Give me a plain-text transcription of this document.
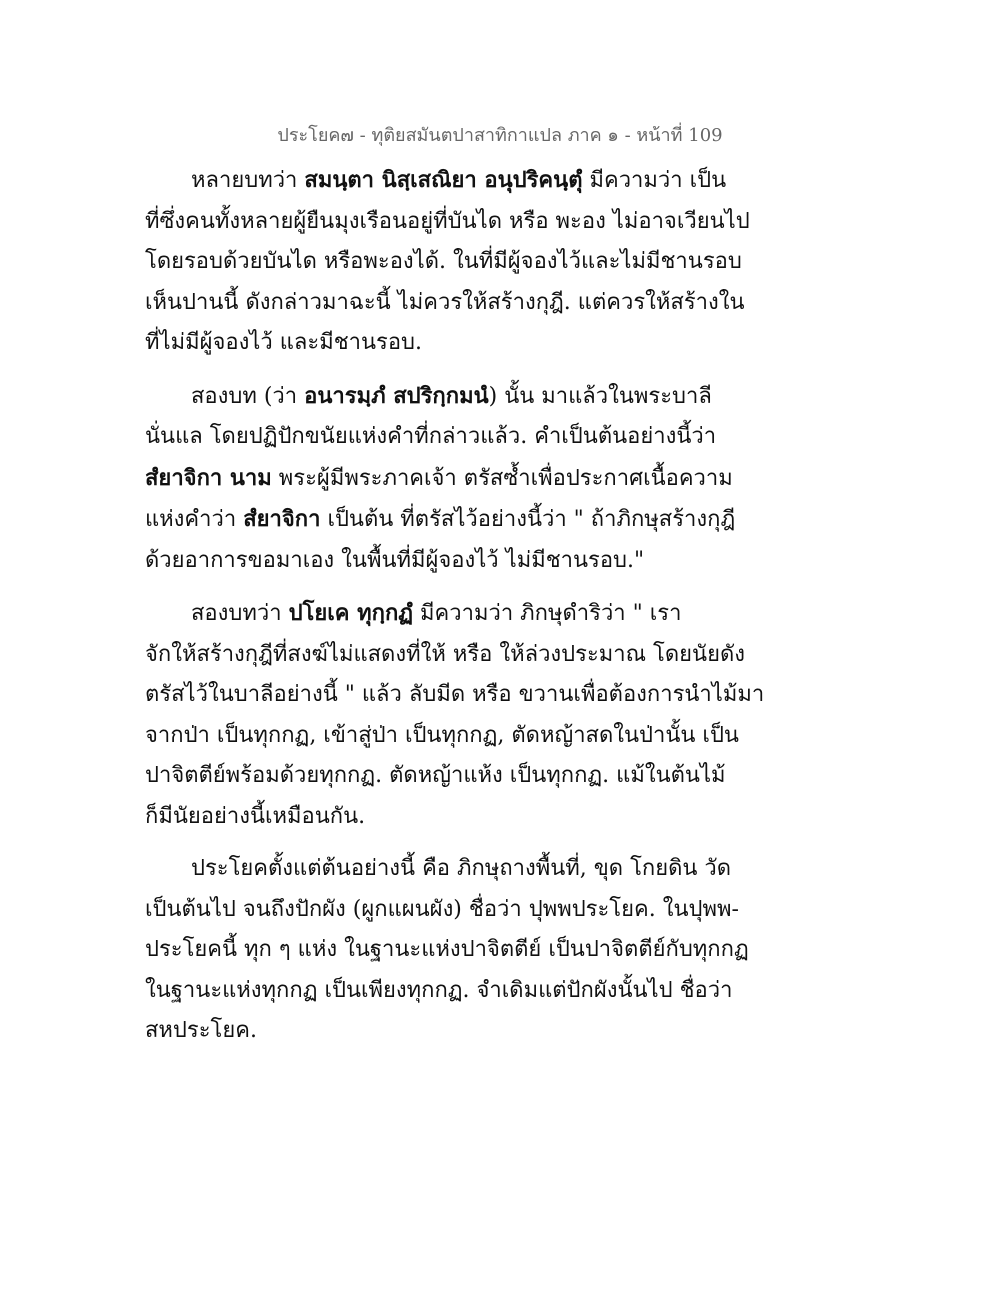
ประโยค๗ - ทุติยสมันตปาสาทิกาแปล ภาค ๑ - หน้าที่ 109
หลายบทว่า สมนฺตา นิสฺเสณิยา อนุปริคนฺตุํ มีความว่า เป็น
ที่ซึ่งคนทั้งหลายผู้ยืนมุงเรือนอยู่ที่บันได หรือ พะอง ไม่อาจเวียนไป
โดยรอบด้วยบันได หรือพะองได้. ในที่มีผู้จองไว้และไม่มีชานรอบ
เห็นปานนี้ ดังกล่าวมาฉะนี้ ไม่ควรให้สร้างกุฎี. แต่ควรให้สร้างใน
ที่ไม่มีผู้จองไว้ และมีชานรอบ.
สองบท (ว่า อนารมฺภํ สปริกฺกมนํ) นั้น มาแล้วในพระบาลี
นั่นแล โดยปฏิปักขนัยแห่งคำที่กล่าวแล้ว. คำเป็นต้นอย่างนี้ว่า
สํยาจิกา นาม พระผู้มีพระภาคเจ้า ตรัสซ้ำเพื่อประกาศเนื้อความ
แห่งคำว่า สํยาจิกา เป็นต้น ที่ตรัสไว้อย่างนี้ว่า " ถ้าภิกษุสร้างกุฎี
ด้วยอาการขอมาเอง ในพื้นที่มีผู้จองไว้ ไม่มีชานรอบ."
สองบทว่า ปโยเค ทุกฺกฏํ มีความว่า ภิกษุดำริว่า " เรา
จักให้สร้างกุฎีที่สงฆ์ไม่แสดงที่ให้ หรือ ให้ล่วงประมาณ โดยนัยดัง
ตรัสไว้ในบาลีอย่างนี้ " แล้ว ลับมีด หรือ ขวานเพื่อต้องการนำไม้มา
จากป่า เป็นทุกกฏ, เข้าสู่ป่า เป็นทุกกฏ, ตัดหญ้าสดในป่านั้น เป็น
ปาจิตตีย์พร้อมด้วยทุกกฏ. ตัดหญ้าแห้ง เป็นทุกกฏ. แม้ในต้นไม้
ก็มีนัยอย่างนี้เหมือนกัน.
ประโยคตั้งแต่ต้นอย่างนี้ คือ ภิกษุถางพื้นที่, ขุด โกยดิน วัด
เป็นต้นไป จนถึงปักผัง (ผูกแผนผัง) ชื่อว่า ปุพพประโยค. ในปุพพ-
ประโยคนี้ ทุก ๆ แห่ง ในฐานะแห่งปาจิตตีย์ เป็นปาจิตตีย์กับทุกกฏ
ในฐานะแห่งทุกกฏ เป็นเพียงทุกกฏ. จำเดิมแต่ปักผังนั้นไป ชื่อว่า
สหประโยค.
